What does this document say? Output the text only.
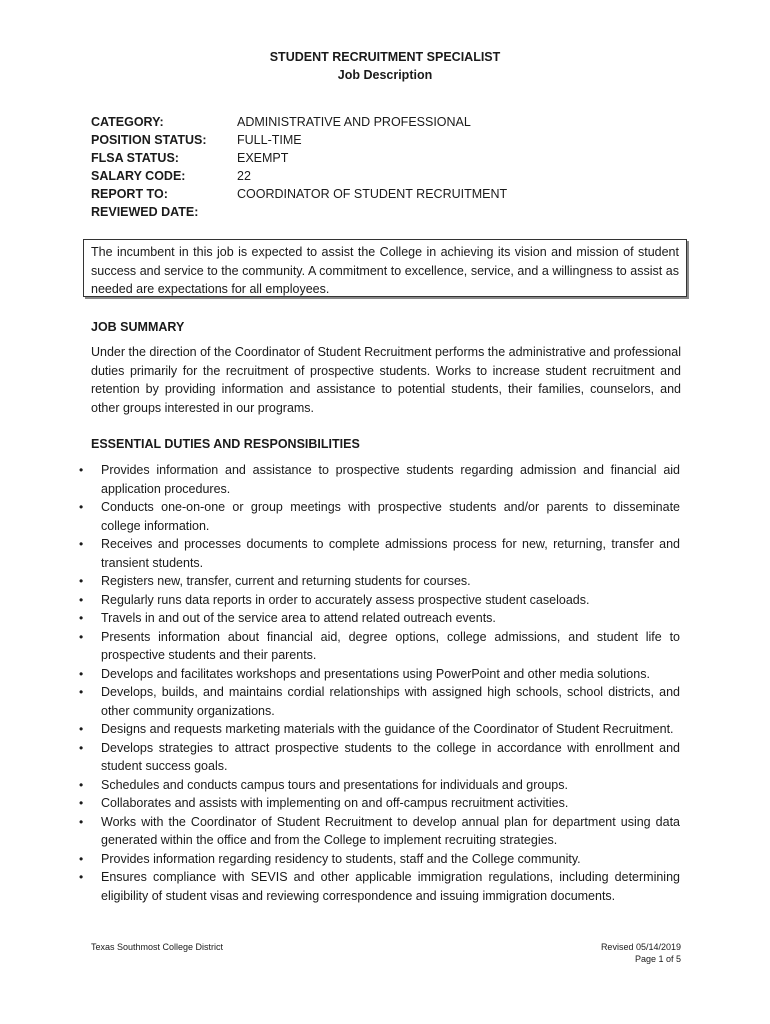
STUDENT RECRUITMENT SPECIALIST
Job Description
CATEGORY:	ADMINISTRATIVE AND PROFESSIONAL
POSITION STATUS:	FULL-TIME
FLSA STATUS:	EXEMPT
SALARY CODE:	22
REPORT TO:	COORDINATOR OF STUDENT RECRUITMENT
REVIEWED DATE:
The incumbent in this job is expected to assist the College in achieving its vision and mission of student success and service to the community. A commitment to excellence, service, and a willingness to assist as needed are expectations for all employees.
JOB SUMMARY
Under the direction of the Coordinator of Student Recruitment performs the administrative and professional duties primarily for the recruitment of prospective students. Works to increase student recruitment and retention by providing information and assistance to potential students, their families, counselors, and other groups interested in our programs.
ESSENTIAL DUTIES AND RESPONSIBILITIES
• Provides information and assistance to prospective students regarding admission and financial aid application procedures.
• Conducts one-on-one or group meetings with prospective students and/or parents to disseminate college information.
• Receives and processes documents to complete admissions process for new, returning, transfer and transient students.
• Registers new, transfer, current and returning students for courses.
• Regularly runs data reports in order to accurately assess prospective student caseloads.
• Travels in and out of the service area to attend related outreach events.
• Presents information about financial aid, degree options, college admissions, and student life to prospective students and their parents.
• Develops and facilitates workshops and presentations using PowerPoint and other media solutions.
• Develops, builds, and maintains cordial relationships with assigned high schools, school districts, and other community organizations.
• Designs and requests marketing materials with the guidance of the Coordinator of Student Recruitment.
• Develops strategies to attract prospective students to the college in accordance with enrollment and student success goals.
• Schedules and conducts campus tours and presentations for individuals and groups.
• Collaborates and assists with implementing on and off-campus recruitment activities.
• Works with the Coordinator of Student Recruitment to develop annual plan for department using data generated within the office and from the College to implement recruiting strategies.
• Provides information regarding residency to students, staff and the College community.
• Ensures compliance with SEVIS and other applicable immigration regulations, including determining eligibility of student visas and reviewing correspondence and issuing immigration documents.
Texas Southmost College District	Revised 05/14/2019
Page 1 of 5
